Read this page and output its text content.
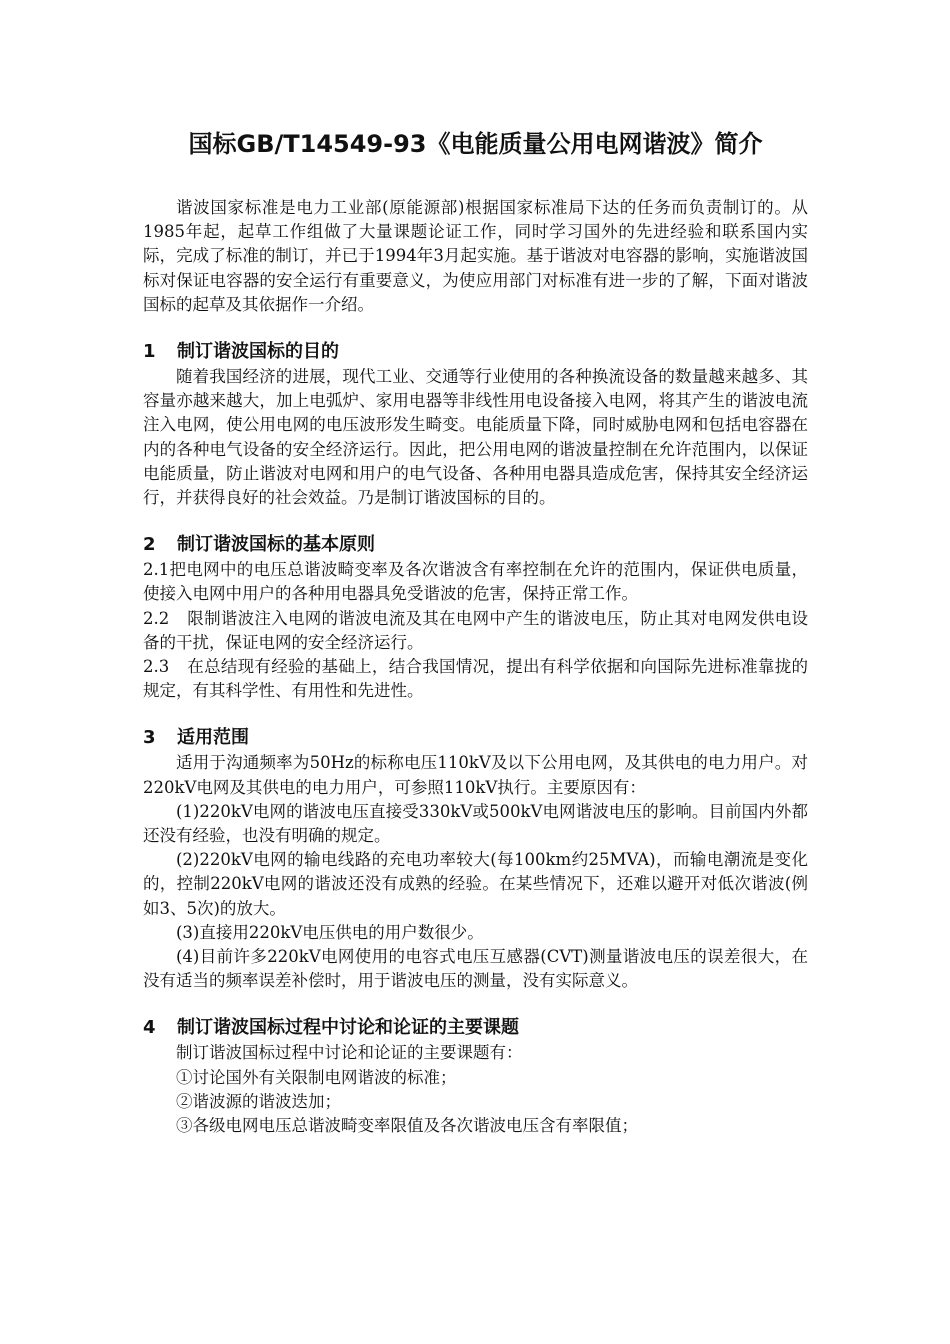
国标GB/T14549-93《电能质量公用电网谐波》简介

谐波国家标准是电力工业部(原能源部)根据国家标准局下达的任务而负责制订的。从1985年起，起草工作组做了大量课题论证工作，同时学习国外的先进经验和联系国内实际，完成了标准的制订，并已于1994年3月起实施。基于谐波对电容器的影响，实施谐波国标对保证电容器的安全运行有重要意义，为使应用部门对标准有进一步的了解，下面对谐波国标的起草及其依据作一介绍。

1 制订谐波国标的目的

随着我国经济的进展，现代工业、交通等行业使用的各种换流设备的数量越来越多、其容量亦越来越大，加上电弧炉、家用电器等非线性用电设备接入电网，将其产生的谐波电流注入电网，使公用电网的电压波形发生畸变。电能质量下降，同时威胁电网和包括电容器在内的各种电气设备的安全经济运行。因此，把公用电网的谐波量控制在允许范围内，以保证电能质量，防止谐波对电网和用户的电气设备、各种用电器具造成危害，保持其安全经济运行，并获得良好的社会效益。乃是制订谐波国标的目的。

2 制订谐波国标的基本原则

2.1把电网中的电压总谐波畸变率及各次谐波含有率控制在允许的范围内，保证供电质量，使接入电网中用户的各种用电器具免受谐波的危害，保持正常工作。

2.2 限制谐波注入电网的谐波电流及其在电网中产生的谐波电压，防止其对电网发供电设备的干扰，保证电网的安全经济运行。

2.3 在总结现有经验的基础上，结合我国情况，提出有科学依据和向国际先进标准靠拢的规定，有其科学性、有用性和先进性。

3 适用范围

适用于沟通频率为50Hz的标称电压110kV及以下公用电网，及其供电的电力用户。对220kV电网及其供电的电力用户，可参照110kV执行。主要原因有：

(1)220kV电网的谐波电压直接受330kV或500kV电网谐波电压的影响。目前国内外都还没有经验，也没有明确的规定。

(2)220kV电网的输电线路的充电功率较大(每100km约25MVA)，而输电潮流是变化的，控制220kV电网的谐波还没有成熟的经验。在某些情况下，还难以避开对低次谐波(例如3、5次)的放大。

(3)直接用220kV电压供电的用户数很少。

(4)目前许多220kV电网使用的电容式电压互感器(CVT)测量谐波电压的误差很大，在没有适当的频率误差补偿时，用于谐波电压的测量，没有实际意义。

4 制订谐波国标过程中讨论和论证的主要课题

制订谐波国标过程中讨论和论证的主要课题有：

①讨论国外有关限制电网谐波的标准；

②谐波源的谐波迭加；

③各级电网电压总谐波畸变率限值及各次谐波电压含有率限值；
